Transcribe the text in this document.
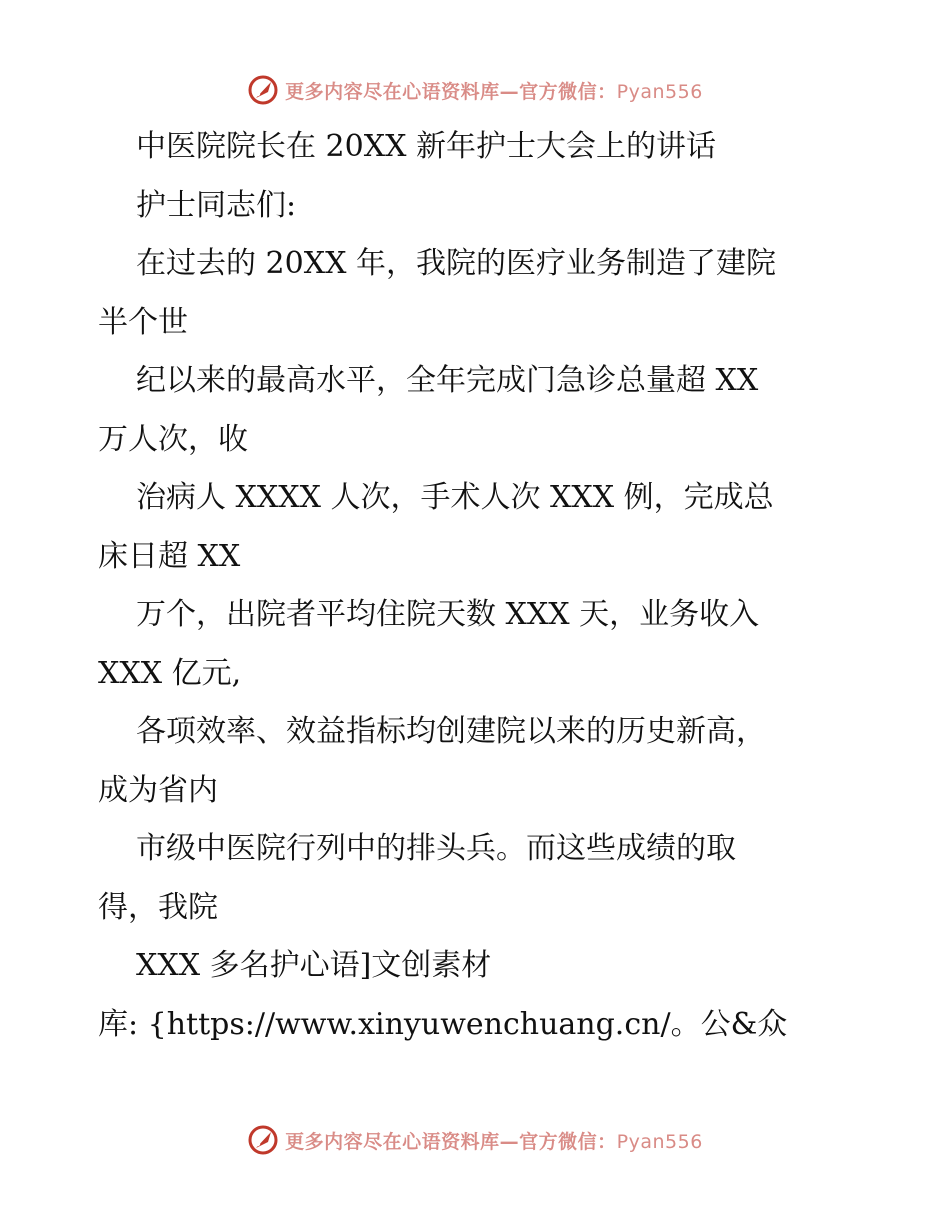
更多内容尽在心语资料库—官方微信：Pyan556
中医院院长在 20XX 新年护士大会上的讲话
护士同志们:
在过去的 20XX 年，我院的医疗业务制造了建院
半个世
纪以来的最高水平，全年完成门急诊总量超 XX
万人次，收
治病人 XXXX 人次，手术人次 XXX 例，完成总
床日超 XX
万个，出院者平均住院天数 XXX 天，业务收入
XXX 亿元,
各项效率、效益指标均创建院以来的历史新高，
成为省内
市级中医院行列中的排头兵。而这些成绩的取
得，我院
XXX 多名护心语]文创素材
库: {https://www.xinyuwenchuang.cn/。公&众
更多内容尽在心语资料库—官方微信：Pyan556
